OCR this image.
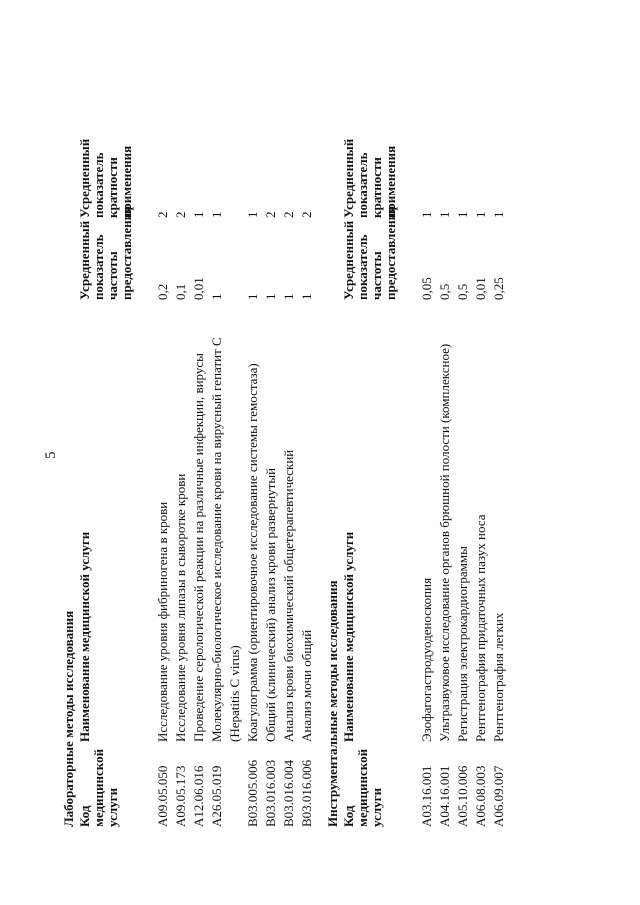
5
Лабораторные методы исследования Код медицинской услуги
Наименование медицинской услуги
Усредненный показатель частоты предоставления
Усредненный показатель кратности применения
A09.05.050
Исследование уровня фибриногена в крови
0,2
2
A09.05.173
Исследование уровня липазы в сыворотке крови
0,1
2
A12.06.016
Проведение серологической реакции на различные инфекции, вирусы
0,01
1
A26.05.019
Молекулярно-биологическое исследование крови на вирусный гепатит C (Hepatitis C virus)
1
1
B03.005.006
Коагулограмма (ориентировочное исследование системы гемостаза)
1
1
B03.016.003
Общий (клинический) анализ крови развернутый
1
2
B03.016.004
Анализ крови биохимический общетерапевтический
1
2
B03.016.006
Анализ мочи общий
1
2
Инструментальные методы исследования Код медицинской услуги
Наименование медицинской услуги
Усредненный показатель частоты предоставления
Усредненный показатель кратности применения
A03.16.001
Эзофагогастродуоденоскопия
0,05
1
A04.16.001
Ультразвуковое исследование органов брюшной полости (комплексное)
0,5
1
A05.10.006
Регистрация электрокардиограммы
0,5
1
A06.08.003
Рентгенография придаточных пазух носа
0,01
1
A06.09.007
Рентгенография легких
0,25
1
